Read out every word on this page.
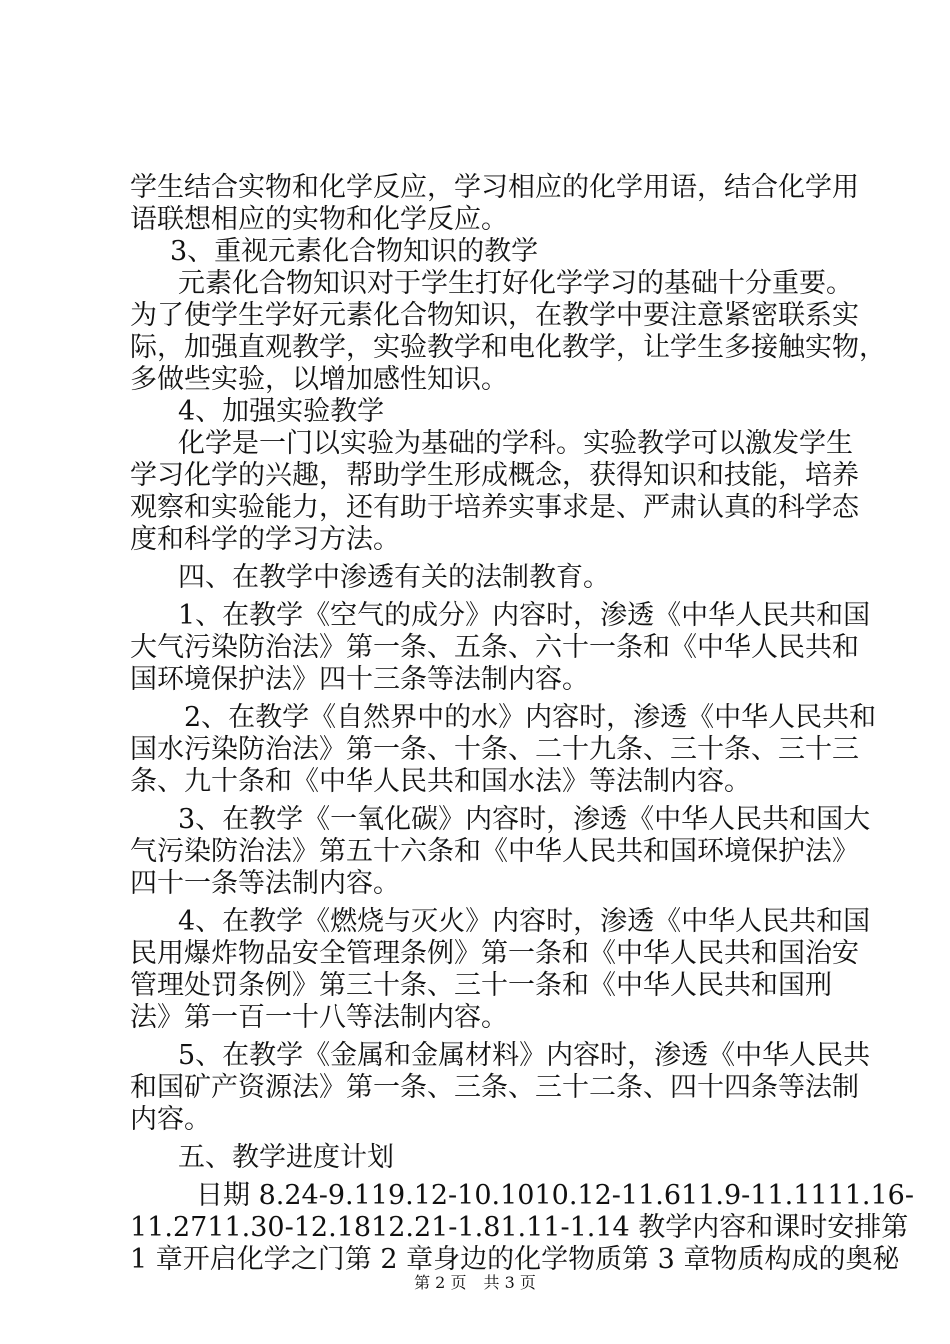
学生结合实物和化学反应，学习相应的化学用语，结合化学用
语联想相应的实物和化学反应。
3、重视元素化合物知识的教学
元素化合物知识对于学生打好化学学习的基础十分重要。
为了使学生学好元素化合物知识，在教学中要注意紧密联系实
际，加强直观教学，实验教学和电化教学，让学生多接触实物，
多做些实验，以增加感性知识。
4、加强实验教学
化学是一门以实验为基础的学科。实验教学可以激发学生
学习化学的兴趣，帮助学生形成概念，获得知识和技能，培养
观察和实验能力，还有助于培养实事求是、严肃认真的科学态
度和科学的学习方法。
四、在教学中渗透有关的法制教育。
1、在教学《空气的成分》内容时，渗透《中华人民共和国
大气污染防治法》第一条、五条、六十一条和《中华人民共和
国环境保护法》四十三条等法制内容。
2、在教学《自然界中的水》内容时，渗透《中华人民共和
国水污染防治法》第一条、十条、二十九条、三十条、三十三
条、九十条和《中华人民共和国水法》等法制内容。
3、在教学《一氧化碳》内容时，渗透《中华人民共和国大
气污染防治法》第五十六条和《中华人民共和国环境保护法》
四十一条等法制内容。
4、在教学《燃烧与灭火》内容时，渗透《中华人民共和国
民用爆炸物品安全管理条例》第一条和《中华人民共和国治安
管理处罚条例》第三十条、三十一条和《中华人民共和国刑
法》第一百一十八等法制内容。
5、在教学《金属和金属材料》内容时，渗透《中华人民共
和国矿产资源法》第一条、三条、三十二条、四十四条等法制
内容。
五、教学进度计划
日期 8.24-9.119.12-10.1010.12-11.611.9-11.1111.16-
11.2711.30-12.1812.21-1.81.11-1.14 教学内容和课时安排第
1 章开启化学之门第 2 章身边的化学物质第 3 章物质构成的奥秘
第 2 页 共 3 页
